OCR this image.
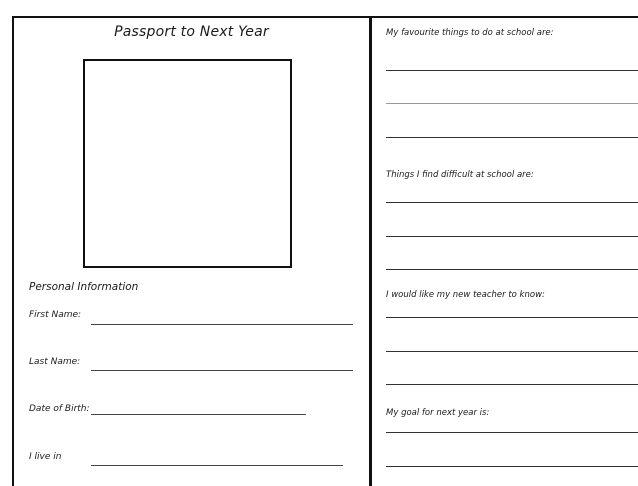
Passport to Next Year
Personal Information
First Name:
Last Name:
Date of Birth:
I live in
My favourite things to do at school are:
Things I find difficult at school are:
I would like my new teacher to know:
My goal for next year is:
